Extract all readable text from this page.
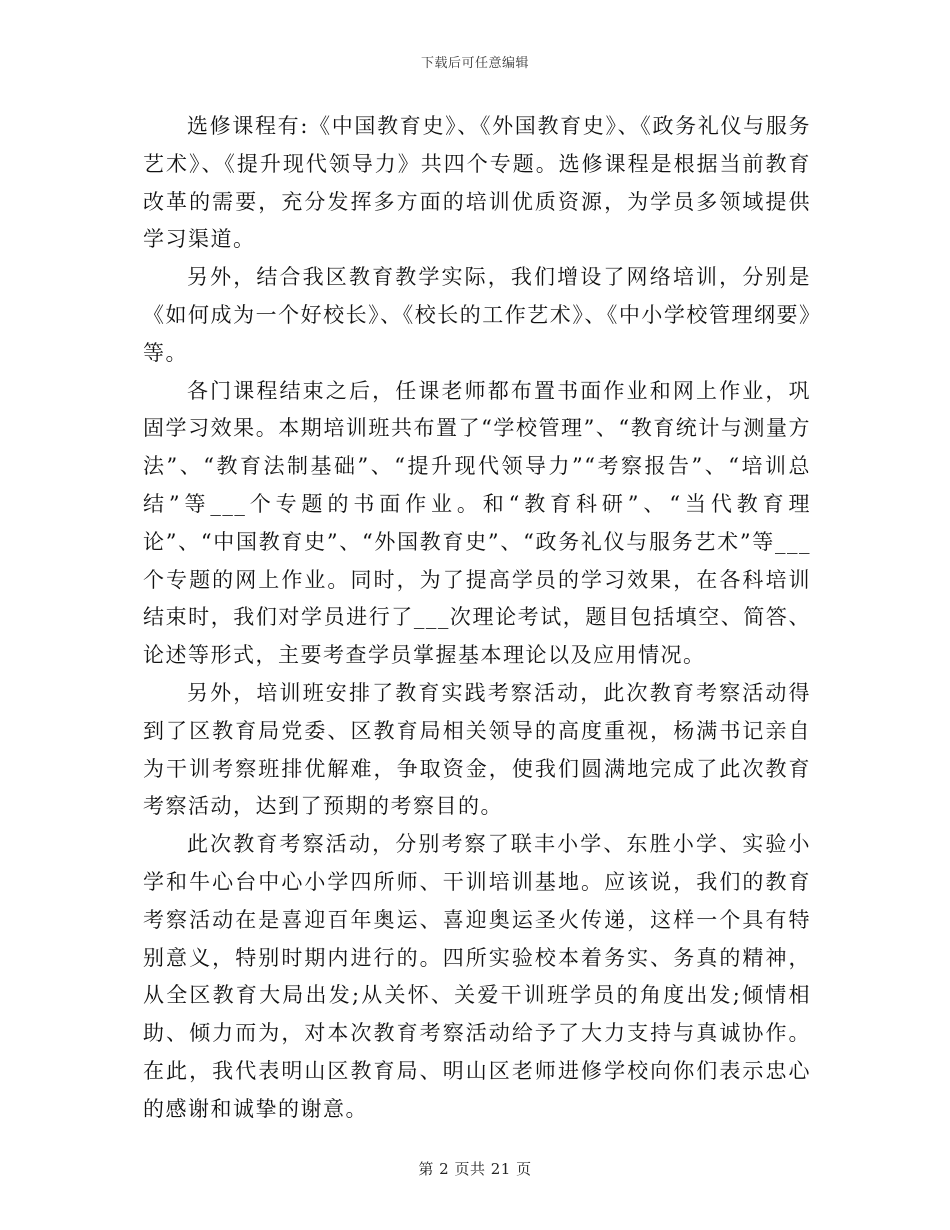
下载后可任意编辑

选修课程有:《中国教育史》、《外国教育史》、《政务礼仪与服务艺术》、《提升现代领导力》共四个专题。选修课程是根据当前教育改革的需要，充分发挥多方面的培训优质资源，为学员多领域提供学习渠道。

另外，结合我区教育教学实际，我们增设了网络培训，分别是《如何成为一个好校长》、《校长的工作艺术》、《中小学校管理纲要》等。

各门课程结束之后，任课老师都布置书面作业和网上作业，巩固学习效果。本期培训班共布置了“学校管理”、“教育统计与测量方法”、“教育法制基础”、“提升现代领导力”“考察报告”、“培训总结”等___个专题的书面作业。和“教育科研”、“当代教育理论”、“中国教育史”、“外国教育史”、“政务礼仪与服务艺术”等___个专题的网上作业。同时，为了提高学员的学习效果，在各科培训结束时，我们对学员进行了___次理论考试，题目包括填空、简答、论述等形式，主要考查学员掌握基本理论以及应用情况。

另外，培训班安排了教育实践考察活动，此次教育考察活动得到了区教育局党委、区教育局相关领导的高度重视，杨满书记亲自为干训考察班排优解难，争取资金，使我们圆满地完成了此次教育考察活动，达到了预期的考察目的。

此次教育考察活动，分别考察了联丰小学、东胜小学、实验小学和牛心台中心小学四所师、干训培训基地。应该说，我们的教育考察活动在是喜迎百年奥运、喜迎奥运圣火传递，这样一个具有特别意义，特别时期内进行的。四所实验校本着务实、务真的精神，从全区教育大局出发;从关怀、关爱干训班学员的角度出发;倾情相助、倾力而为，对本次教育考察活动给予了大力支持与真诚协作。在此，我代表明山区教育局、明山区老师进修学校向你们表示忠心的感谢和诚挚的谢意。

第 2 页共 21 页
